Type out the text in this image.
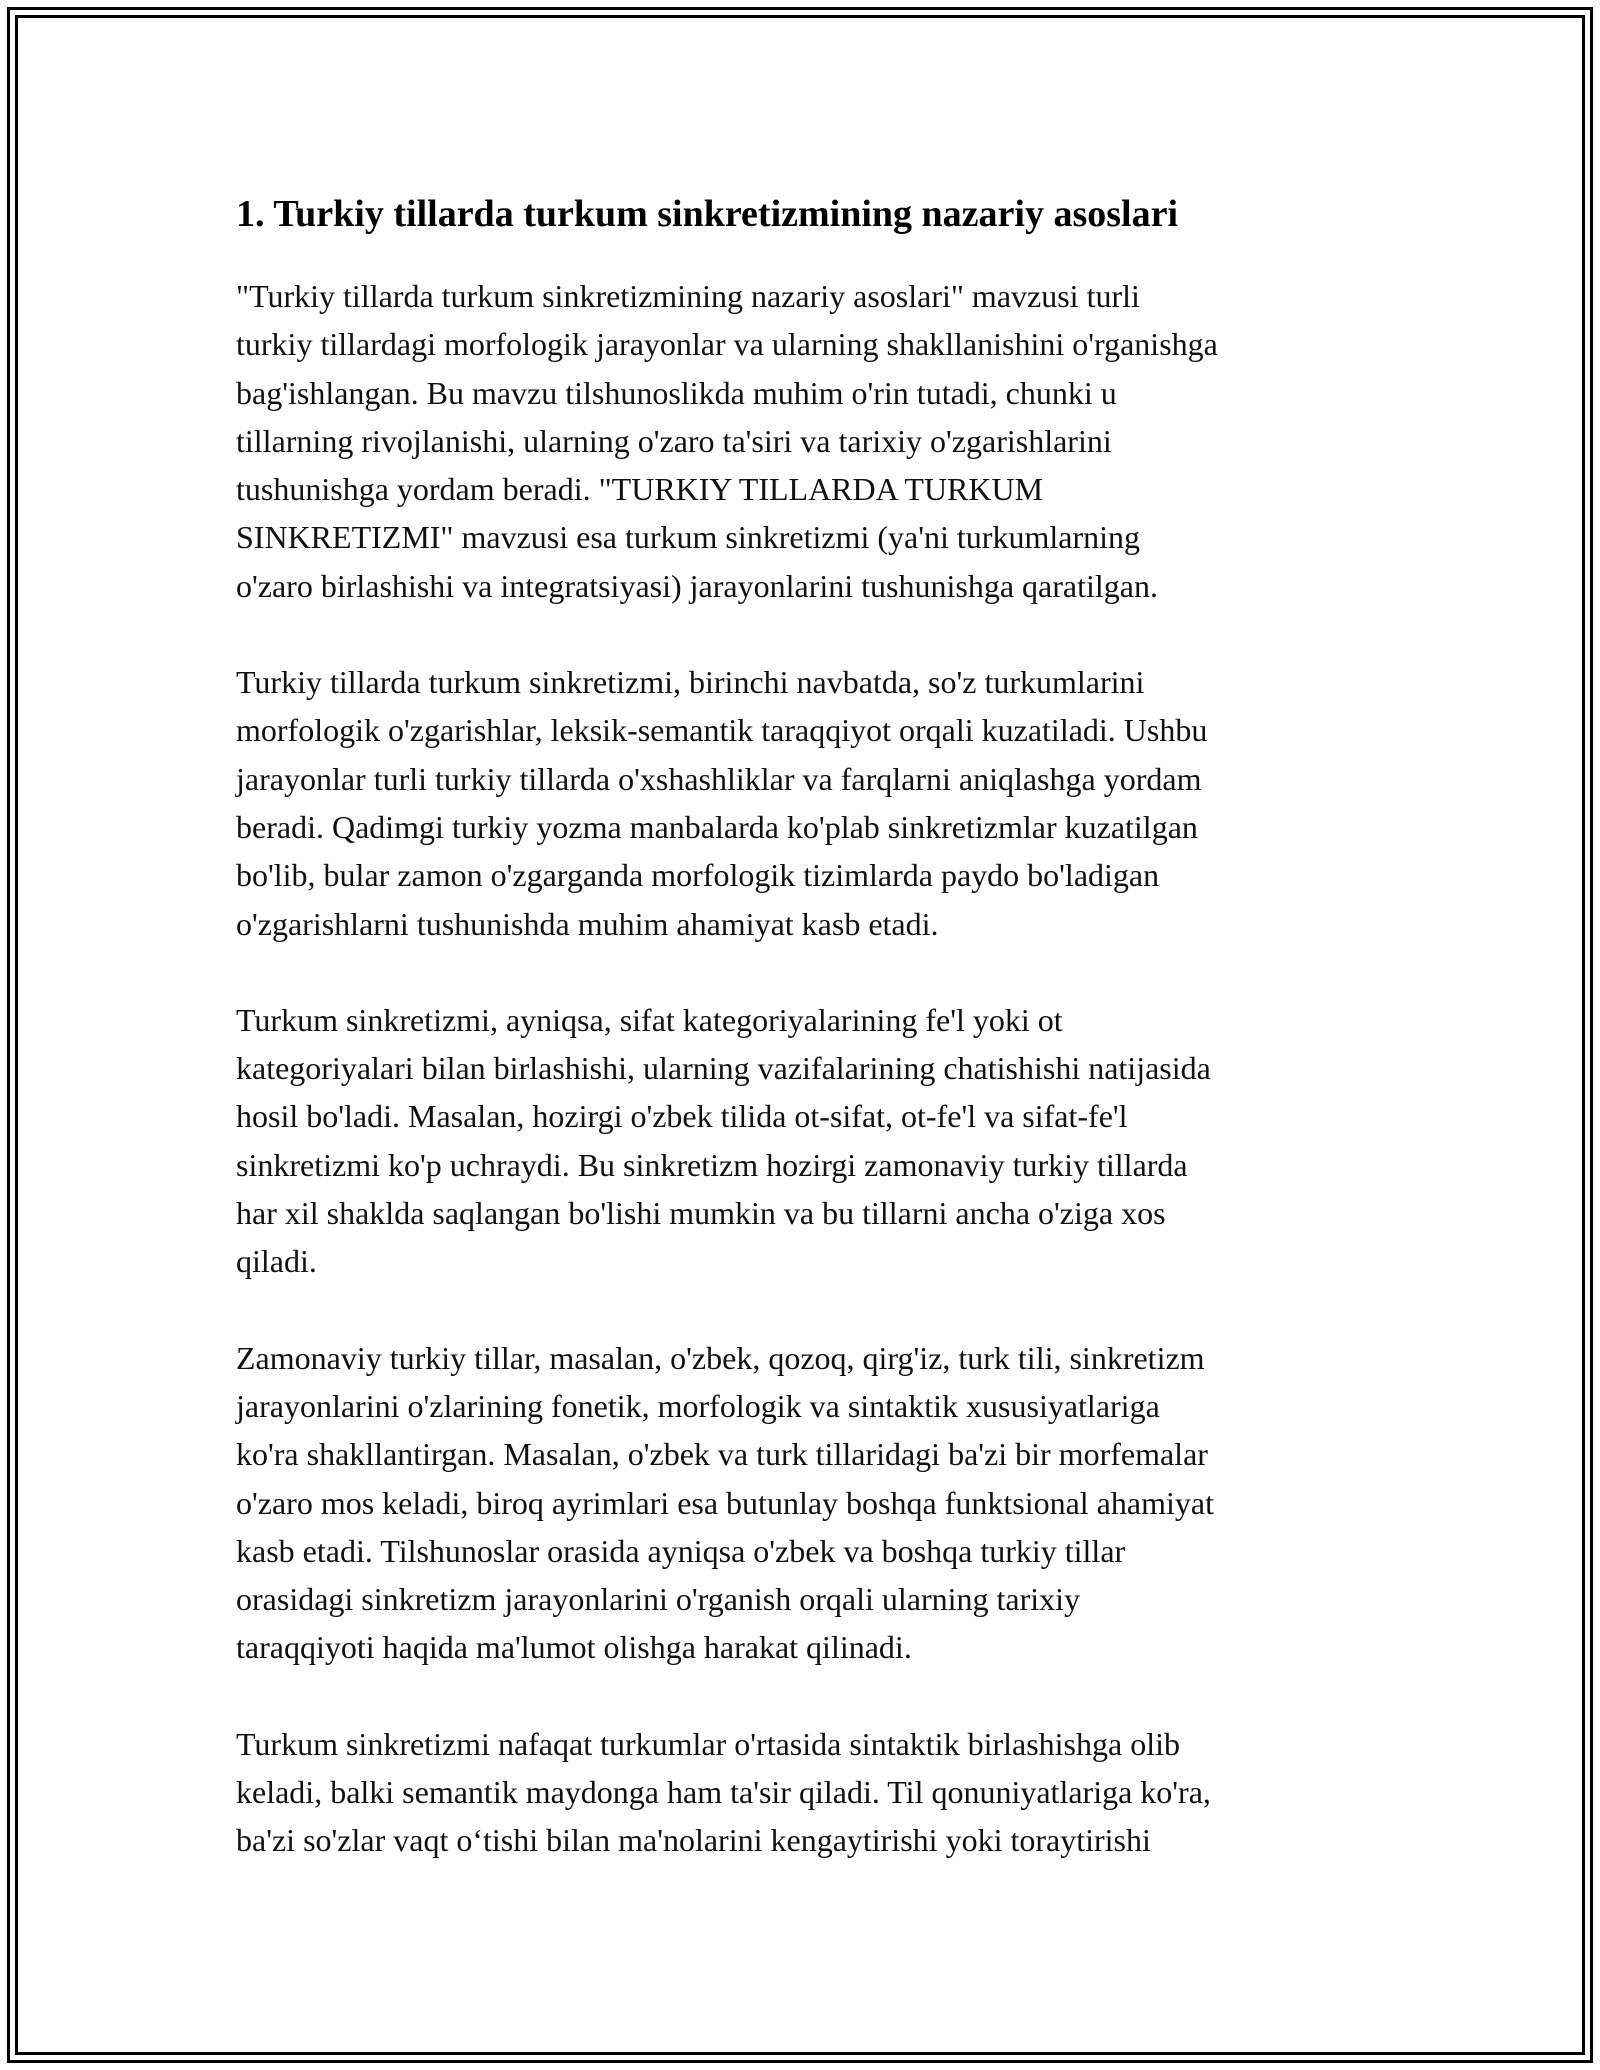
1. Turkiy tillarda turkum sinkretizmining nazariy asoslari
"Turkiy tillarda turkum sinkretizmining nazariy asoslari" mavzusi turli
turkiy tillardagi morfologik jarayonlar va ularning shakllanishini o'rganishga
bag'ishlangan. Bu mavzu tilshunoslikda muhim o'rin tutadi, chunki u
tillarning rivojlanishi, ularning o'zaro ta'siri va tarixiy o'zgarishlarini
tushunishga yordam beradi. "TURKIY TILLARDA TURKUM
SINKRETIZMI" mavzusi esa turkum sinkretizmi (ya'ni turkumlarning
o'zaro birlashishi va integratsiyasi) jarayonlarini tushunishga qaratilgan.
Turkiy tillarda turkum sinkretizmi, birinchi navbatda, so'z turkumlarini
morfologik o'zgarishlar, leksik-semantik taraqqiyot orqali kuzatiladi. Ushbu
jarayonlar turli turkiy tillarda o'xshashliklar va farqlarni aniqlashga yordam
beradi. Qadimgi turkiy yozma manbalarda ko'plab sinkretizmlar kuzatilgan
bo'lib, bular zamon o'zgarganda morfologik tizimlarda paydo bo'ladigan
o'zgarishlarni tushunishda muhim ahamiyat kasb etadi.
Turkum sinkretizmi, ayniqsa, sifat kategoriyalarining fe'l yoki ot
kategoriyalari bilan birlashishi, ularning vazifalarining chatishishi natijasida
hosil bo'ladi. Masalan, hozirgi o'zbek tilida ot-sifat, ot-fe'l va sifat-fe'l
sinkretizmi ko'p uchraydi. Bu sinkretizm hozirgi zamonaviy turkiy tillarda
har xil shaklda saqlangan bo'lishi mumkin va bu tillarni ancha o'ziga xos
qiladi.
Zamonaviy turkiy tillar, masalan, o'zbek, qozoq, qirg'iz, turk tili, sinkretizm
jarayonlarini o'zlarining fonetik, morfologik va sintaktik xususiyatlariga
ko'ra shakllantirgan. Masalan, o'zbek va turk tillaridagi ba'zi bir morfemalar
o'zaro mos keladi, biroq ayrimlari esa butunlay boshqa funktsional ahamiyat
kasb etadi. Tilshunoslar orasida ayniqsa o'zbek va boshqa turkiy tillar
orasidagi sinkretizm jarayonlarini o'rganish orqali ularning tarixiy
taraqqiyoti haqida ma'lumot olishga harakat qilinadi.
Turkum sinkretizmi nafaqat turkumlar o'rtasida sintaktik birlashishga olib
keladi, balki semantik maydonga ham ta'sir qiladi. Til qonuniyatlariga ko'ra,
ba'zi so'zlar vaqt o‘tishi bilan ma'nolarini kengaytirishi yoki toraytirishi
